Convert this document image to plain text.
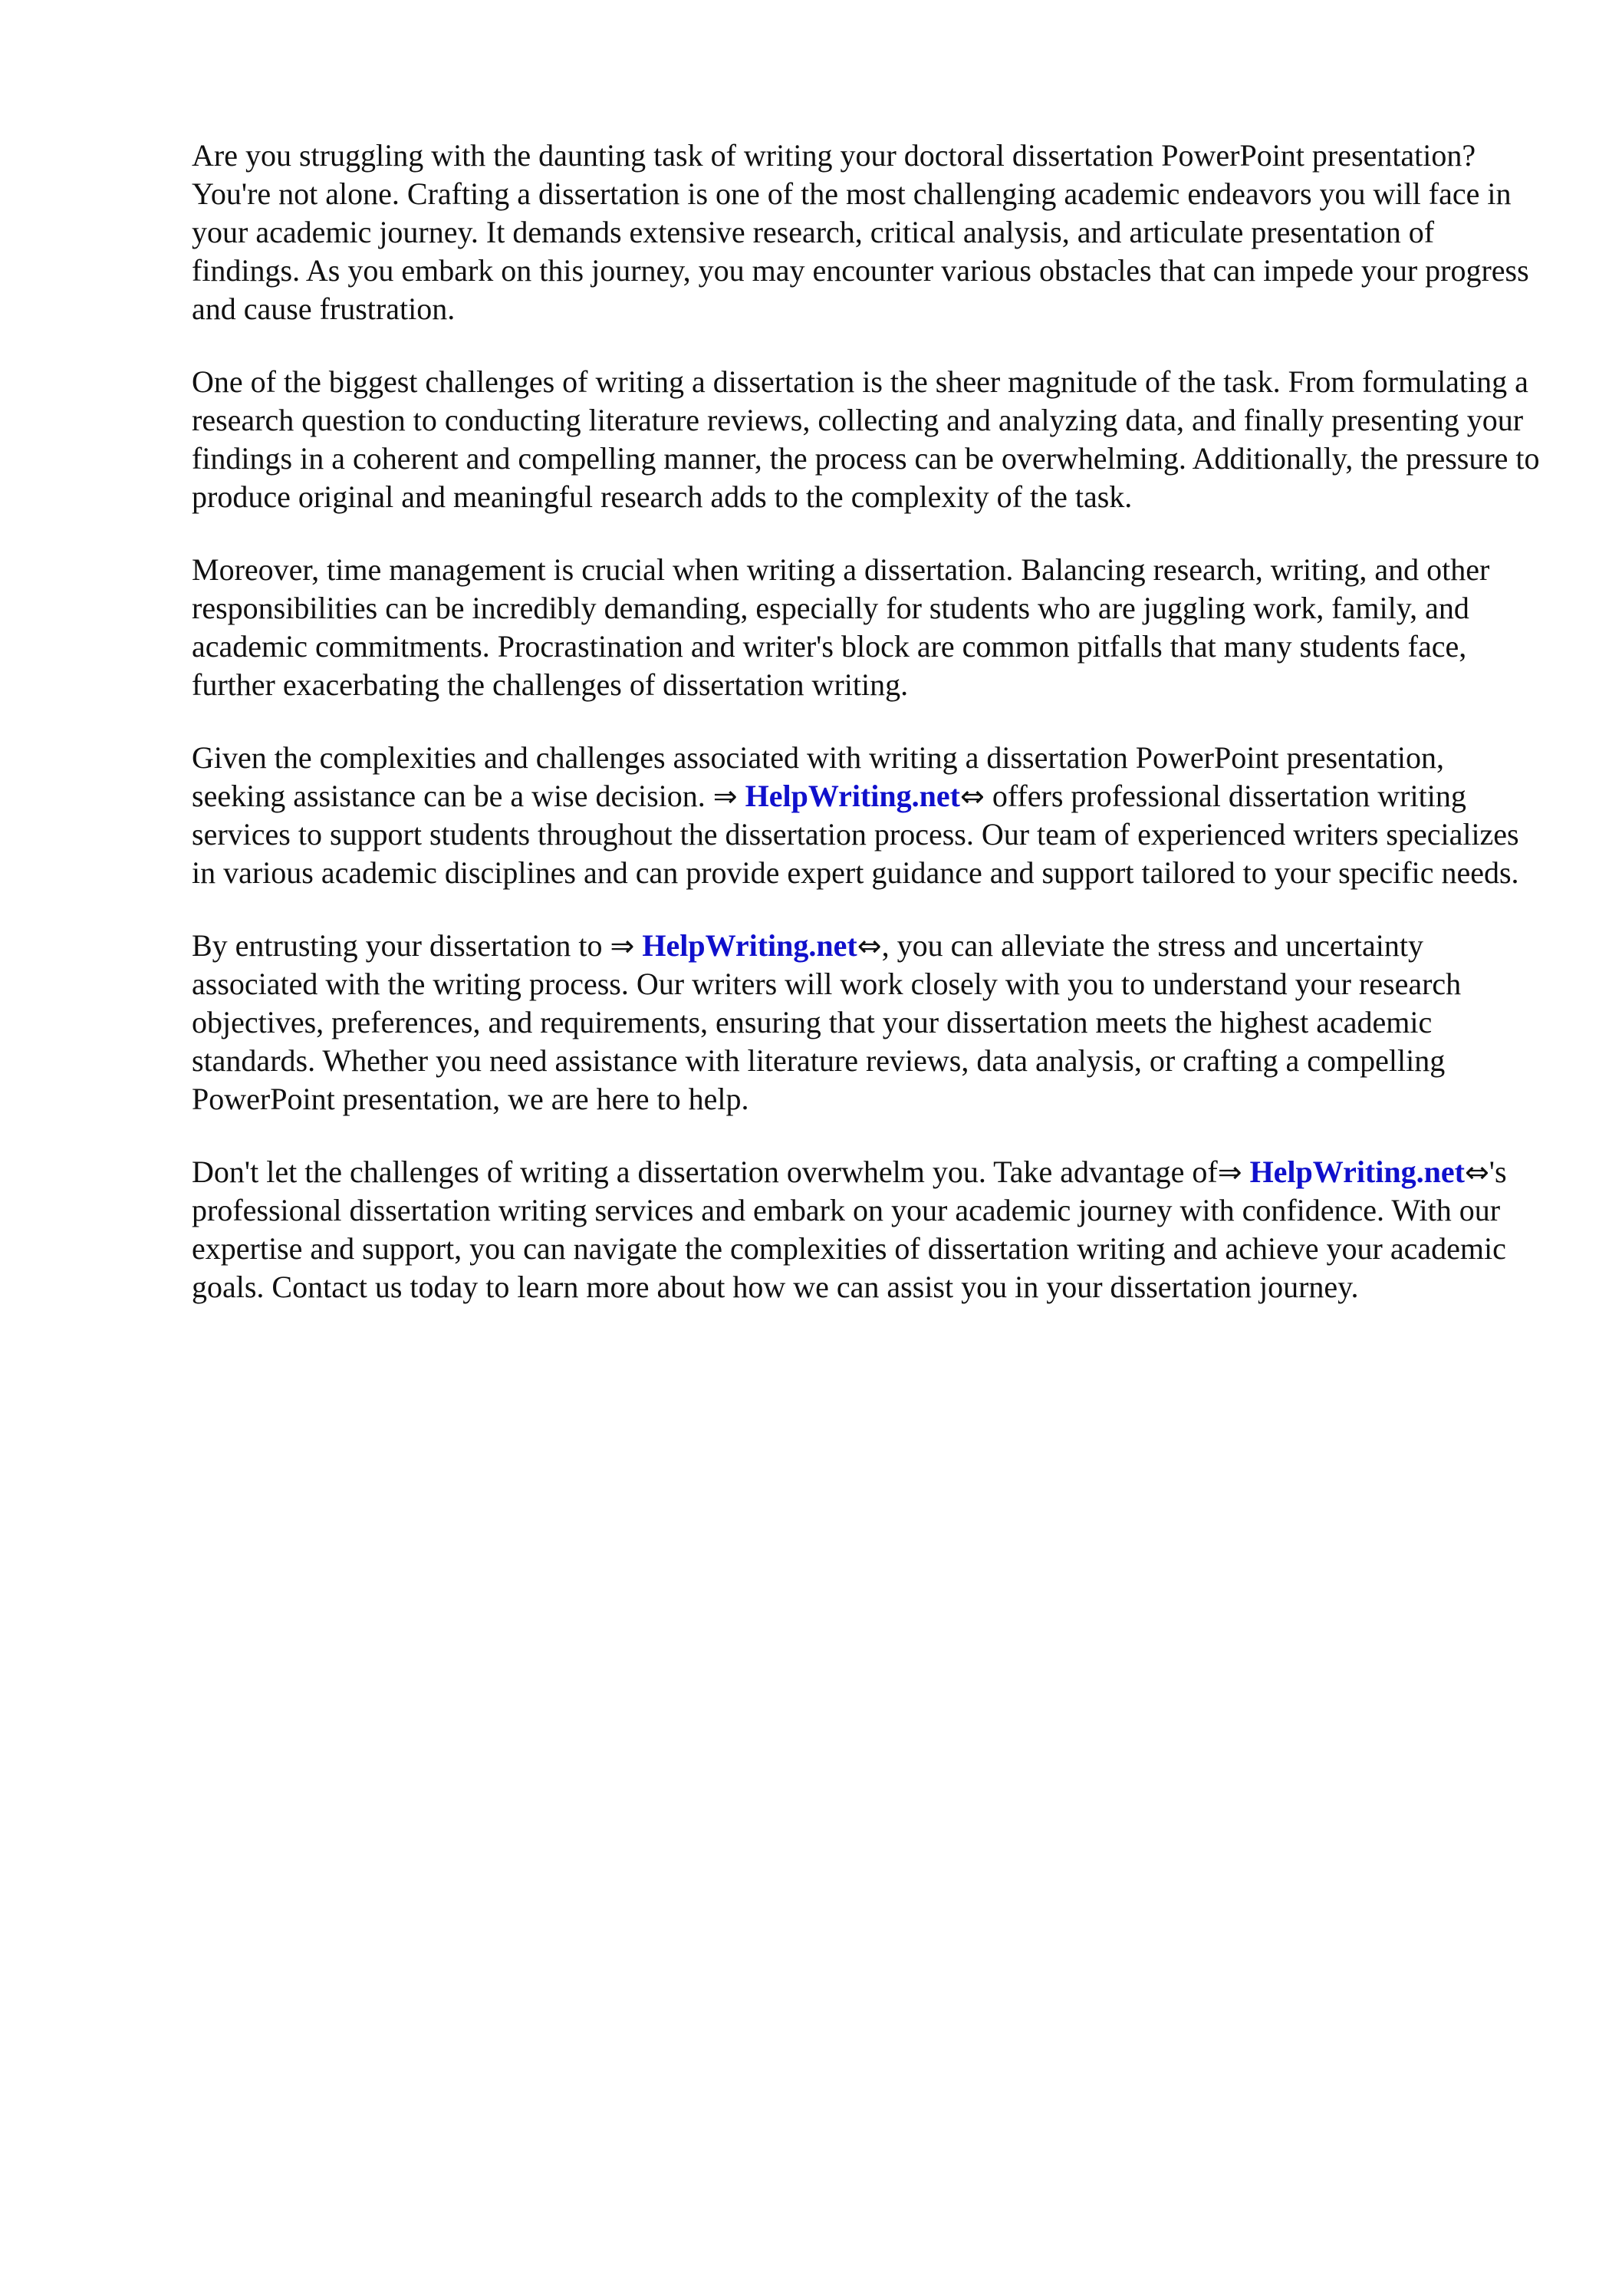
Are you struggling with the daunting task of writing your doctoral dissertation PowerPoint presentation? You're not alone. Crafting a dissertation is one of the most challenging academic endeavors you will face in your academic journey. It demands extensive research, critical analysis, and articulate presentation of findings. As you embark on this journey, you may encounter various obstacles that can impede your progress and cause frustration.

One of the biggest challenges of writing a dissertation is the sheer magnitude of the task. From formulating a research question to conducting literature reviews, collecting and analyzing data, and finally presenting your findings in a coherent and compelling manner, the process can be overwhelming. Additionally, the pressure to produce original and meaningful research adds to the complexity of the task.

Moreover, time management is crucial when writing a dissertation. Balancing research, writing, and other responsibilities can be incredibly demanding, especially for students who are juggling work, family, and academic commitments. Procrastination and writer's block are common pitfalls that many students face, further exacerbating the challenges of dissertation writing.

Given the complexities and challenges associated with writing a dissertation PowerPoint presentation, seeking assistance can be a wise decision. ⇒ HelpWriting.net⇔ offers professional dissertation writing services to support students throughout the dissertation process. Our team of experienced writers specializes in various academic disciplines and can provide expert guidance and support tailored to your specific needs.

By entrusting your dissertation to ⇒ HelpWriting.net⇔, you can alleviate the stress and uncertainty associated with the writing process. Our writers will work closely with you to understand your research objectives, preferences, and requirements, ensuring that your dissertation meets the highest academic standards. Whether you need assistance with literature reviews, data analysis, or crafting a compelling PowerPoint presentation, we are here to help.

Don't let the challenges of writing a dissertation overwhelm you. Take advantage of⇒ HelpWriting.net⇔'s professional dissertation writing services and embark on your academic journey with confidence. With our expertise and support, you can navigate the complexities of dissertation writing and achieve your academic goals. Contact us today to learn more about how we can assist you in your dissertation journey.
